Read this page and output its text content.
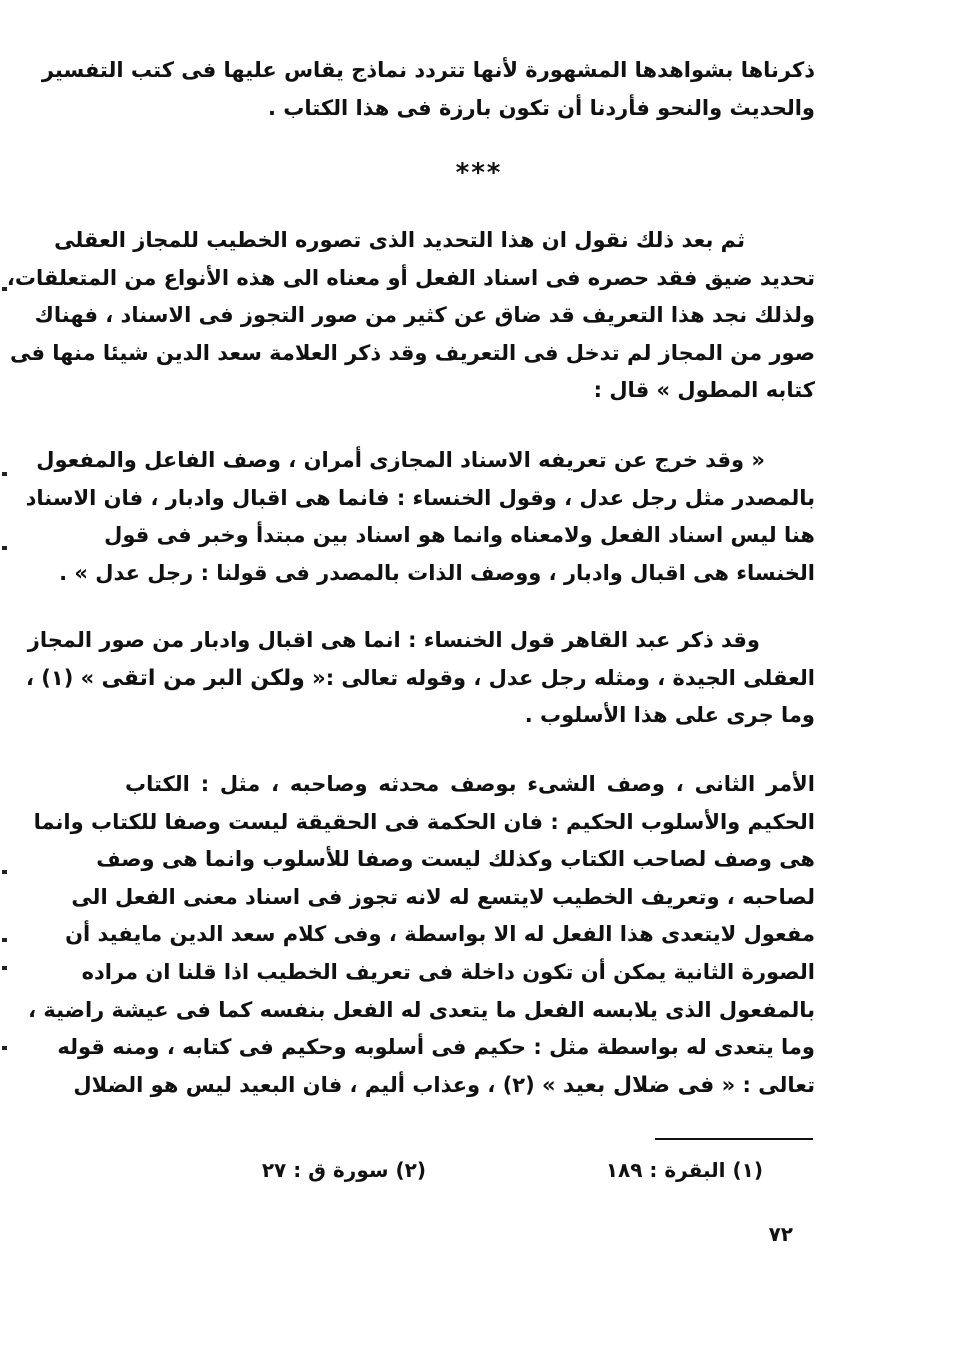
ذكرناها بشواهدها المشهورة لأنها تتردد نماذج يقاس عليها فى كتب التفسير
والحديث والنحو فأردنا أن تكون بارزة فى هذا الكتاب .
***
ثم بعد ذلك نقول ان هذا التحديد الذى تصوره الخطيب للمجاز العقلى
تحديد ضيق فقد حصره فى اسناد الفعل أو معناه الى هذه الأنواع من المتعلقات،
ولذلك نجد هذا التعريف قد ضاق عن كثير من صور التجوز فى الاسناد ، فهناك
صور من المجاز لم تدخل فى التعريف وقد ذكر العلامة سعد الدين شيئا منها فى
كتابه المطول » قال :
« وقد خرج عن تعريفه الاسناد المجازى أمران ، وصف الفاعل والمفعول
بالمصدر مثل رجل عدل ، وقول الخنساء : فانما هى اقبال وادبار ، فان الاسناد
هنا ليس اسناد الفعل ولامعناه وانما هو اسناد بين مبتدأ وخبر فى قول
الخنساء هى اقبال وادبار ، ووصف الذات بالمصدر فى قولنا : رجل عدل » .
وقد ذكر عبد القاهر قول الخنساء : انما هى اقبال وادبار من صور المجاز
العقلى الجيدة ، ومثله رجل عدل ، وقوله تعالى :« ولكن البر من اتقى » (١) ،
وما جرى على هذا الأسلوب .
الأمر الثانى ، وصف الشىء بوصف محدثه وصاحبه ، مثل : الكتاب
الحكيم والأسلوب الحكيم : فان الحكمة فى الحقيقة ليست وصفا للكتاب وانما
هى وصف لصاحب الكتاب وكذلك ليست وصفا للأسلوب وانما هى وصف
لصاحبه ، وتعريف الخطيب لايتسع له لانه تجوز فى اسناد معنى الفعل الى
مفعول لايتعدى هذا الفعل له الا بواسطة ، وفى كلام سعد الدين مايفيد أن
الصورة الثانية يمكن أن تكون داخلة فى تعريف الخطيب اذا قلنا ان مراده
بالمفعول الذى يلابسه الفعل ما يتعدى له الفعل بنفسه كما فى عيشة راضية ،
وما يتعدى له بواسطة مثل : حكيم فى أسلوبه وحكيم فى كتابه ، ومنه قوله
تعالى : « فى ضلال بعيد » (٢) ، وعذاب أليم ، فان البعيد ليس هو الضلال
(١) البقرة : ١٨٩
(٢) سورة ق : ٢٧
٧٢
